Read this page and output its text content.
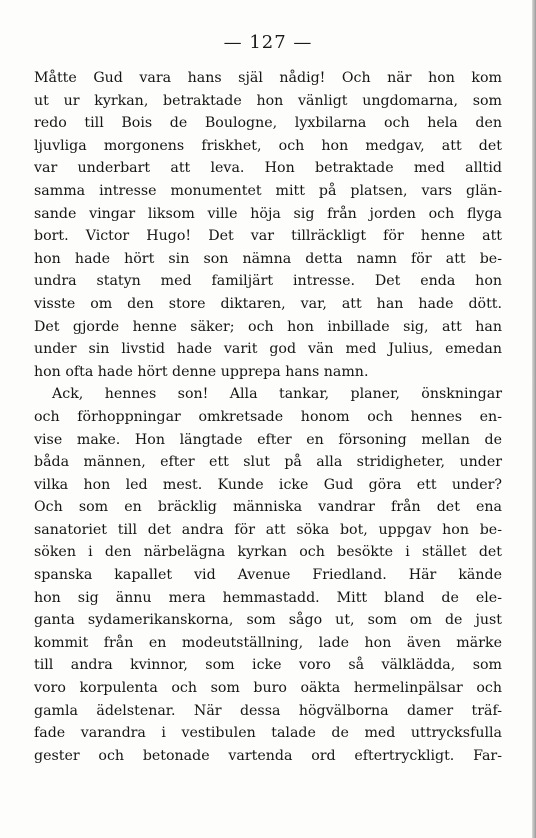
— 127 —
Måtte Gud vara hans själ nådig! Och när hon kom
ut ur kyrkan, betraktade hon vänligt ungdomarna, som
redo till Bois de Boulogne, lyxbilarna och hela den
ljuvliga morgonens friskhet, och hon medgav, att det
var underbart att leva. Hon betraktade med alltid
samma intresse monumentet mitt på platsen, vars glän-
sande vingar liksom ville höja sig från jorden och flyga
bort. Victor Hugo! Det var tillräckligt för henne att
hon hade hört sin son nämna detta namn för att be-
undra statyn med familjärt intresse. Det enda hon
visste om den store diktaren, var, att han hade dött.
Det gjorde henne säker; och hon inbillade sig, att han
under sin livstid hade varit god vän med Julius, emedan
hon ofta hade hört denne upprepa hans namn.
Ack, hennes son! Alla tankar, planer, önskningar
och förhoppningar omkretsade honom och hennes en-
vise make. Hon längtade efter en försoning mellan de
båda männen, efter ett slut på alla stridigheter, under
vilka hon led mest. Kunde icke Gud göra ett under?
Och som en bräcklig människa vandrar från det ena
sanatoriet till det andra för att söka bot, uppgav hon be-
söken i den närbelägna kyrkan och besökte i stället det
spanska kapallet vid Avenue Friedland. Här kände
hon sig ännu mera hemmastadd. Mitt bland de ele-
ganta sydamerikanskorna, som sågo ut, som om de just
kommit från en modeutställning, lade hon även märke
till andra kvinnor, som icke voro så välklädda, som
voro korpulenta och som buro oäkta hermelinpälsar och
gamla ädelstenar. När dessa högvälborna damer träf-
fade varandra i vestibulen talade de med uttrycksfulla
gester och betonade vartenda ord eftertryckligt. Far-
